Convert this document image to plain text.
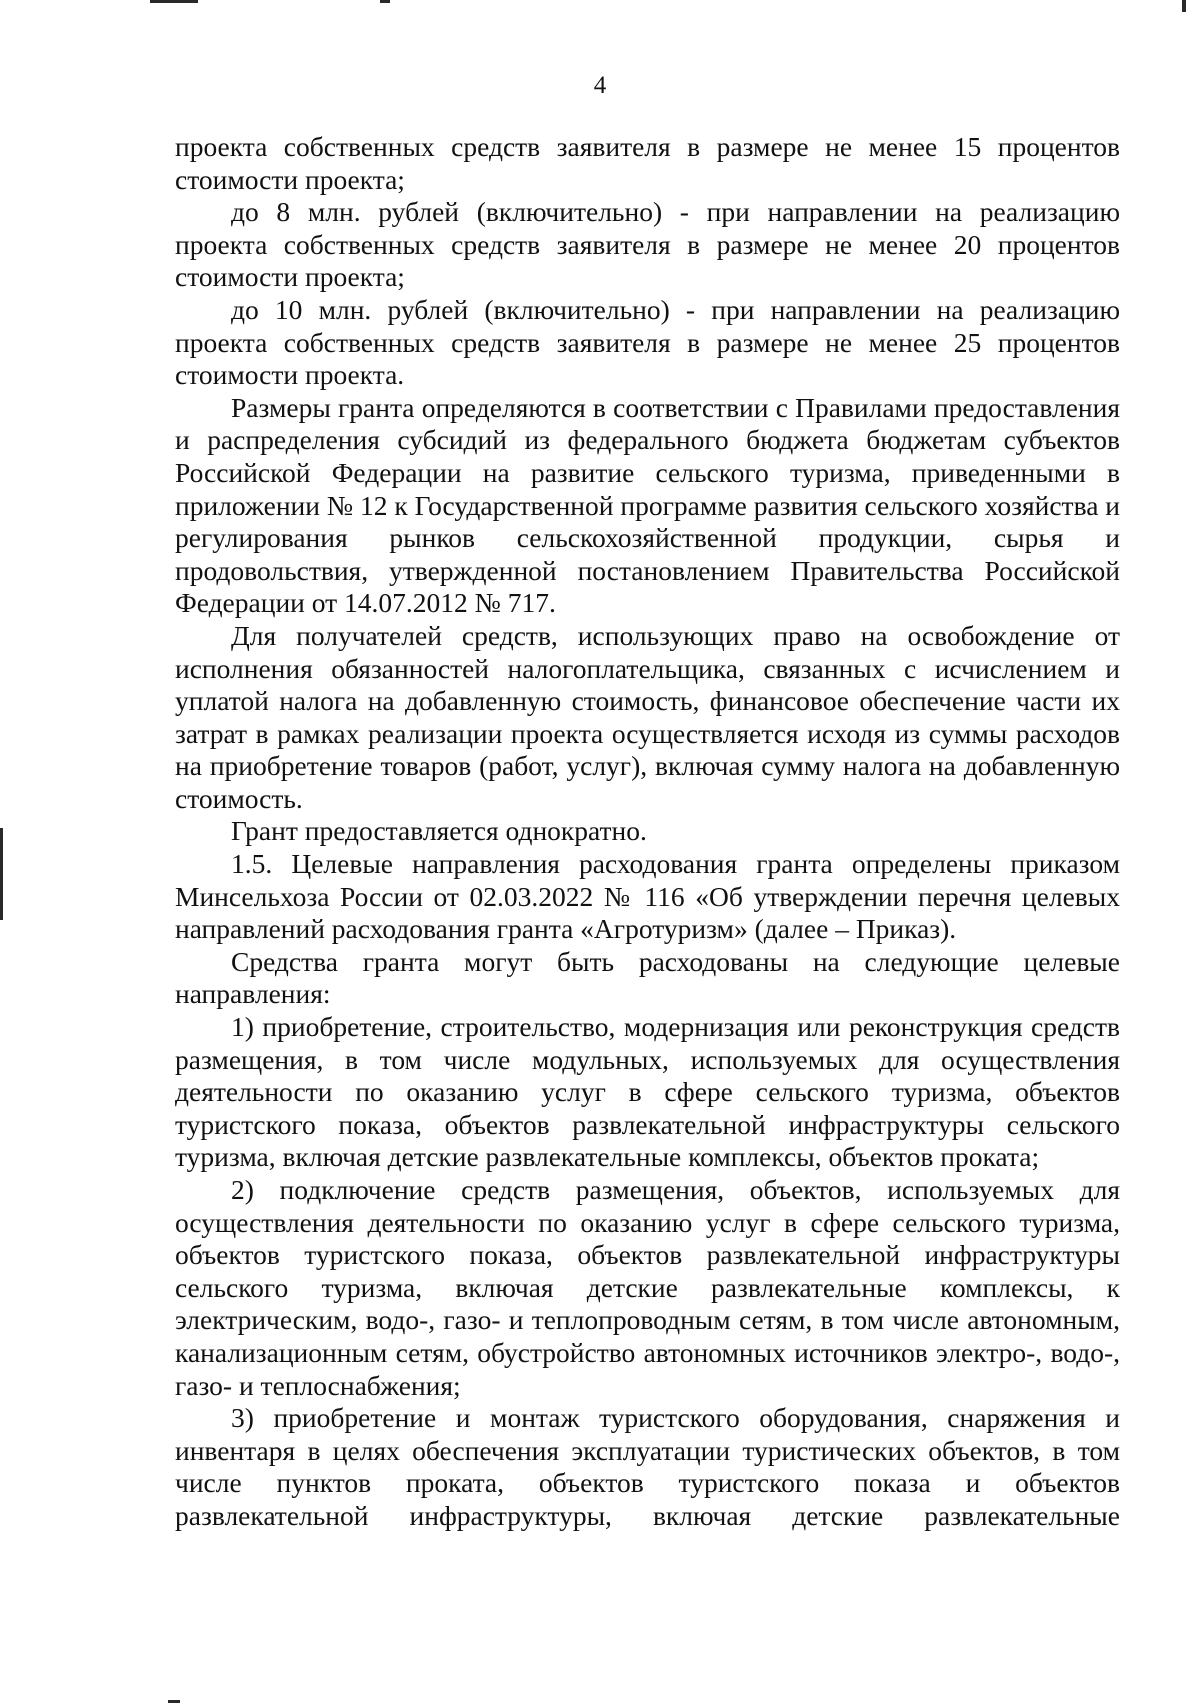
4

проекта собственных средств заявителя в размере не менее 15 процентов стоимости проекта;

до 8 млн. рублей (включительно) - при направлении на реализацию проекта собственных средств заявителя в размере не менее 20 процентов стоимости проекта;

до 10 млн. рублей (включительно) - при направлении на реализацию проекта собственных средств заявителя в размере не менее 25 процентов стоимости проекта.

Размеры гранта определяются в соответствии с Правилами предоставления и распределения субсидий из федерального бюджета бюджетам субъектов Российской Федерации на развитие сельского туризма, приведенными в приложении № 12 к Государственной программе развития сельского хозяйства и регулирования рынков сельскохозяйственной продукции, сырья и продовольствия, утвержденной постановлением Правительства Российской Федерации от 14.07.2012 № 717.

Для получателей средств, использующих право на освобождение от исполнения обязанностей налогоплательщика, связанных с исчислением и уплатой налога на добавленную стоимость, финансовое обеспечение части их затрат в рамках реализации проекта осуществляется исходя из суммы расходов на приобретение товаров (работ, услуг), включая сумму налога на добавленную стоимость.

Грант предоставляется однократно.

1.5. Целевые направления расходования гранта определены приказом Минсельхоза России от 02.03.2022 № 116 «Об утверждении перечня целевых направлений расходования гранта «Агротуризм» (далее – Приказ).

Средства гранта могут быть расходованы на следующие целевые направления:

1) приобретение, строительство, модернизация или реконструкция средств размещения, в том числе модульных, используемых для осуществления деятельности по оказанию услуг в сфере сельского туризма, объектов туристского показа, объектов развлекательной инфраструктуры сельского туризма, включая детские развлекательные комплексы, объектов проката;

2) подключение средств размещения, объектов, используемых для осуществления деятельности по оказанию услуг в сфере сельского туризма, объектов туристского показа, объектов развлекательной инфраструктуры сельского туризма, включая детские развлекательные комплексы, к электрическим, водо-, газо- и теплопроводным сетям, в том числе автономным, канализационным сетям, обустройство автономных источников электро-, водо-, газо- и теплоснабжения;

3) приобретение и монтаж туристского оборудования, снаряжения и инвентаря в целях обеспечения эксплуатации туристических объектов, в том числе пунктов проката, объектов туристского показа и объектов развлекательной инфраструктуры, включая детские развлекательные
